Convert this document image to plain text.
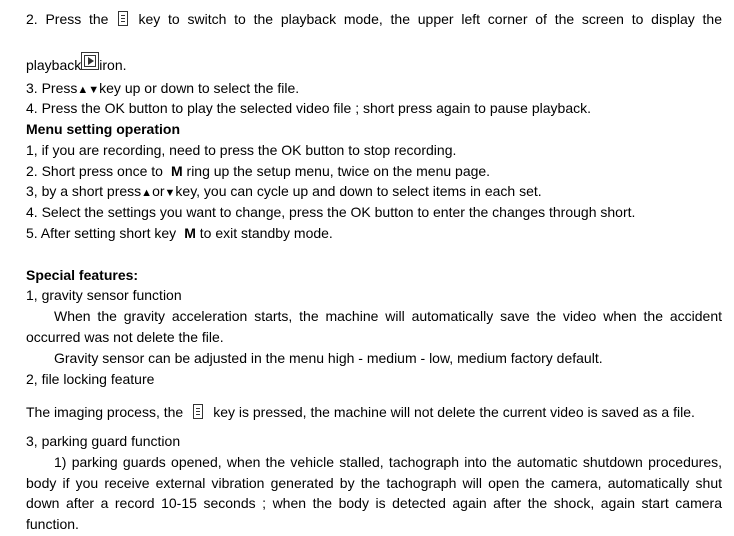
2. Press the key to switch to the playback mode, the upper left corner of the screen to display the
playback iron.
3. Press▲▼key up or down to select the file.
4. Press the OK button to play the selected video file ; short press again to pause playback.
Menu setting operation
1, if you are recording, need to press the OK button to stop recording.
2. Short press once to M ring up the setup menu, twice on the menu page.
3, by a short press▲or▼key, you can cycle up and down to select items in each set.
4. Select the settings you want to change, press the OK button to enter the changes through short.
5. After setting short key M to exit standby mode.
Special features:
1, gravity sensor function
When the gravity acceleration starts, the machine will automatically save the video when the accident
occurred was not delete the file.
Gravity sensor can be adjusted in the menu high - medium - low, medium factory default.
2, file locking feature
The imaging process, the key is pressed, the machine will not delete the current video is saved as a file.
3, parking guard function
1) parking guards opened, when the vehicle stalled, tachograph into the automatic shutdown procedures,
body if you receive external vibration generated by the tachograph will open the camera, automatically shut
down after a record 10-15 seconds ; when the body is detected again after the shock, again start camera
function.
